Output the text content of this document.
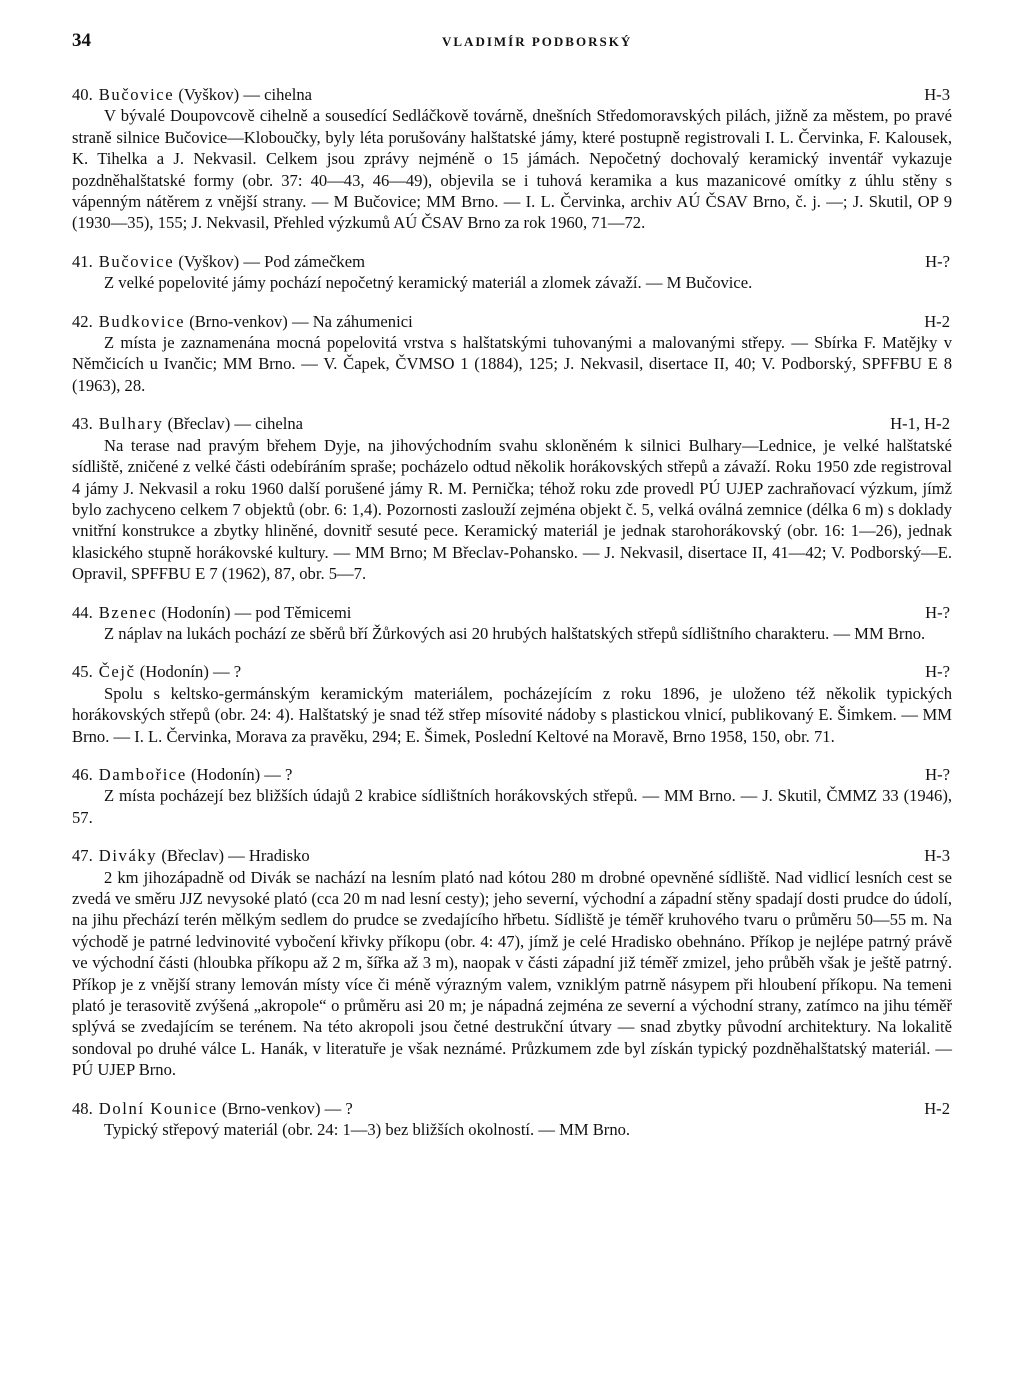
34	VLADIMÍR PODBORSKÝ
40. Bučovice (Vyškov) — cihelna	H-3
V bývalé Doupovcově cihelně a sousedící Sedláčkově továrně, dnešních Středomoravských pilách, jižně za městem, po pravé straně silnice Bučovice—Kloboučky, byly léta porušovány halštatské jámy, které postupně registrovali I. L. Červinka, F. Kalousek, K. Tihelka a J. Nekvasil. Celkem jsou zprávy nejméně o 15 jámách. Nepočetný dochovalý keramický inventář vykazuje pozdněhalštatské formy (obr. 37: 40—43, 46—49), objevila se i tuhová keramika a kus mazanicové omítky z úhlu stěny s vápenným nátěrem z vnější strany. — M Bučovice; MM Brno. — I. L. Červinka, archiv AÚ ČSAV Brno, č. j. —; J. Skutil, OP 9 (1930—35), 155; J. Nekvasil, Přehled výzkumů AÚ ČSAV Brno za rok 1960, 71—72.
41. Bučovice (Vyškov) — Pod zámečkem	H-?
Z velké popelovité jámy pochází nepočetný keramický materiál a zlomek závaží. — M Bučovice.
42. Budkovice (Brno-venkov) — Na záhumenici	H-2
Z místa je zaznamenána mocná popelovitá vrstva s halštatskými tuhovanými a malovanými střepy. — Sbírka F. Matějky v Němčicích u Ivančic; MM Brno. — V. Čapek, ČVMSO 1 (1884), 125; J. Nekvasil, disertace II, 40; V. Podborský, SPFFBU E 8 (1963), 28.
43. Bulhary (Břeclav) — cihelna	H-1, H-2
Na terase nad pravým břehem Dyje, na jihovýchodním svahu skloněném k silnici Bulhary—Lednice, je velké halštatské sídliště, zničené z velké části odebíráním spraše; pocházelo odtud několik horákovských střepů a závaží. Roku 1950 zde registroval 4 jámy J. Nekvasil a roku 1960 další porušené jámy R. M. Pernička; téhož roku zde provedl PÚ UJEP zachraňovací výzkum, jímž bylo zachyceno celkem 7 objektů (obr. 6: 1,4). Pozornosti zaslouží zejména objekt č. 5, velká oválná zemnice (délka 6 m) s doklady vnitřní konstrukce a zbytky hliněné, dovnitř sesuté pece. Keramický materiál je jednak starohorákovský (obr. 16: 1—26), jednak klasického stupně horákovské kultury. — MM Brno; M Břeclav-Pohansko. — J. Nekvasil, disertace II, 41—42; V. Podborský—E. Opravil, SPFFBU E 7 (1962), 87, obr. 5—7.
44. Bzenec (Hodonín) — pod Těmicemi	H-?
Z náplav na lukách pochází ze sběrů bří Žůrkových asi 20 hrubých halštatských střepů sídlištního charakteru. — MM Brno.
45. Čejč (Hodonín) — ?	H-?
Spolu s keltsko-germánským keramickým materiálem, pocházejícím z roku 1896, je uloženo též několik typických horákovských střepů (obr. 24: 4). Halštatský je snad též střep mísovité nádoby s plastickou vlnicí, publikovaný E. Šimkem. — MM Brno. — I. L. Červinka, Morava za pravěku, 294; E. Šimek, Poslední Keltové na Moravě, Brno 1958, 150, obr. 71.
46. Dambořice (Hodonín) — ?	H-?
Z místa pocházejí bez bližších údajů 2 krabice sídlištních horákovských střepů. — MM Brno. — J. Skutil, ČMMZ 33 (1946), 57.
47. Diváky (Břeclav) — Hradisko	H-3
2 km jihozápadně od Divák se nachází na lesním plató nad kótou 280 m drobné opevněné sídliště. Nad vidlicí lesních cest se zvedá ve směru JJZ nevysoké plató (cca 20 m nad lesní cesty); jeho severní, východní a západní stěny spadají dosti prudce do údolí, na jihu přechází terén mělkým sedlem do prudce se zvedajícího hřbetu. Sídliště je téměř kruhového tvaru o průměru 50—55 m. Na východě je patrné ledvinovité vybočení křivky příkopu (obr. 4: 47), jímž je celé Hradisko obehnáno. Příkop je nejlépe patrný právě ve východní části (hloubka příkopu až 2 m, šířka až 3 m), naopak v části západní již téměř zmizel, jeho průběh však je ještě patrný. Příkop je z vnější strany lemován místy více či méně výrazným valem, vzniklým patrně násypem při hloubení příkopu. Na temeni plató je terasovitě zvýšená „akropole“ o průměru asi 20 m; je nápadná zejména ze severní a východní strany, zatímco na jihu téměř splývá se zvedajícím se terénem. Na této akropoli jsou četné destrukční útvary — snad zbytky původní architektury. Na lokalitě sondoval po druhé válce L. Hanák, v literatuře je však neznámé. Průzkumem zde byl získán typický pozdněhalštatský materiál. — PÚ UJEP Brno.
48. Dolní Kounice (Brno-venkov) — ?	H-2
Typický střepový materiál (obr. 24: 1—3) bez bližších okolností. — MM Brno.
